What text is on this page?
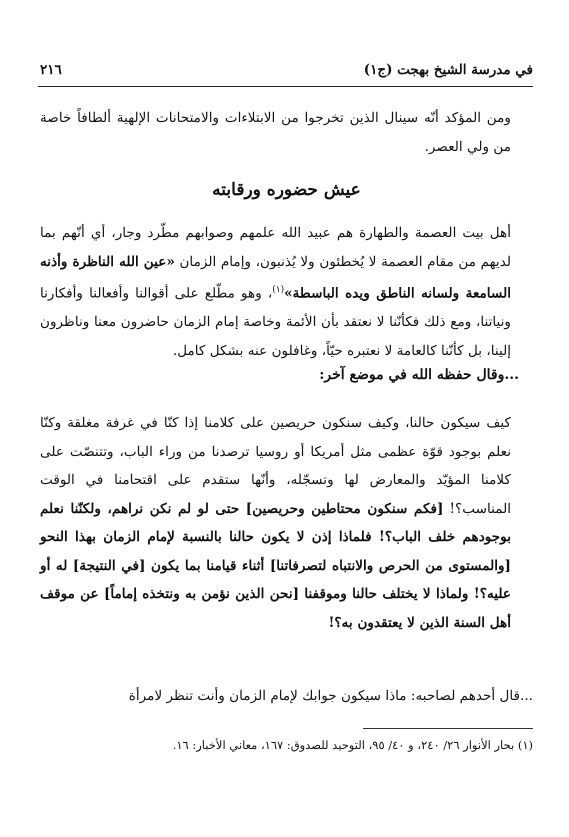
في مدرسة الشيخ بهجت (ج١)
٢١٦

ومن المؤكد أنّه سينال الذين تخرجوا من الابتلاءات والامتحانات الإلهية ألطافاً خاصة من ولي العصر.

عيش حضوره ورقابته

أهل بيت العصمة والطهارة هم عبيد الله علمهم وصوابهم مطّرد وجار، أي أنّهم بما لديهم من مقام العصمة لا يُخطئون ولا يُذنبون، وإمام الزمان «عين الله الناظرة وأذنه السامعة ولسانه الناطق ويده الباسطة»$^{(١)}$، وهو مطّلع على أقوالنا وأفعالنا وأفكارنا ونياتنا، ومع ذلك فكأنّنا لا نعتقد بأن الأئمة وخاصة إمام الزمان حاضرون معنا وناظرون إلينا، بل كأنّنا كالعامة لا نعتبره حيّاً، وغافلون عنه بشكل كامل.

...وقال حفظه الله في موضع آخر:

كيف سيكون حالنا، وكيف سنكون حريصين على كلامنا إذا كنّا في غرفة مغلقة وكنّا نعلم بوجود قوّة عظمى مثل أمريكا أو روسيا ترصدنا من وراء الباب، وتتنصّت على كلامنا المؤيّد والمعارض لها وتسجّله، وأنّها ستقدم على اقتحامنا في الوقت المناسب؟! [فكم سنكون محتاطين وحريصين] حتى لو لم نكن نراهم، ولكنّنا نعلم بوجودهم خلف الباب؟! فلماذا إذن لا يكون حالنا بالنسبة لإمام الزمان بهذا النحو [والمستوى من الحرص والانتباه لتصرفاتنا] أثناء قيامنا بما يكون [في النتيجة] له أو عليه؟! ولماذا لا يختلف حالنا وموقفنا [نحن الذين نؤمن به ونتخذه إماماً] عن موقف أهل السنة الذين لا يعتقدون به؟!

...قال أحدهم لصاحبه: ماذا سيكون جوابك لإمام الزمان وأنت تنظر لامرأة

(١) بحار الأنوار ٢٦/ ٢٤٠، و ٤٠/ ٩٥، التوحيد للصدوق: ١٦٧، معاني الأخبار: ١٦.
